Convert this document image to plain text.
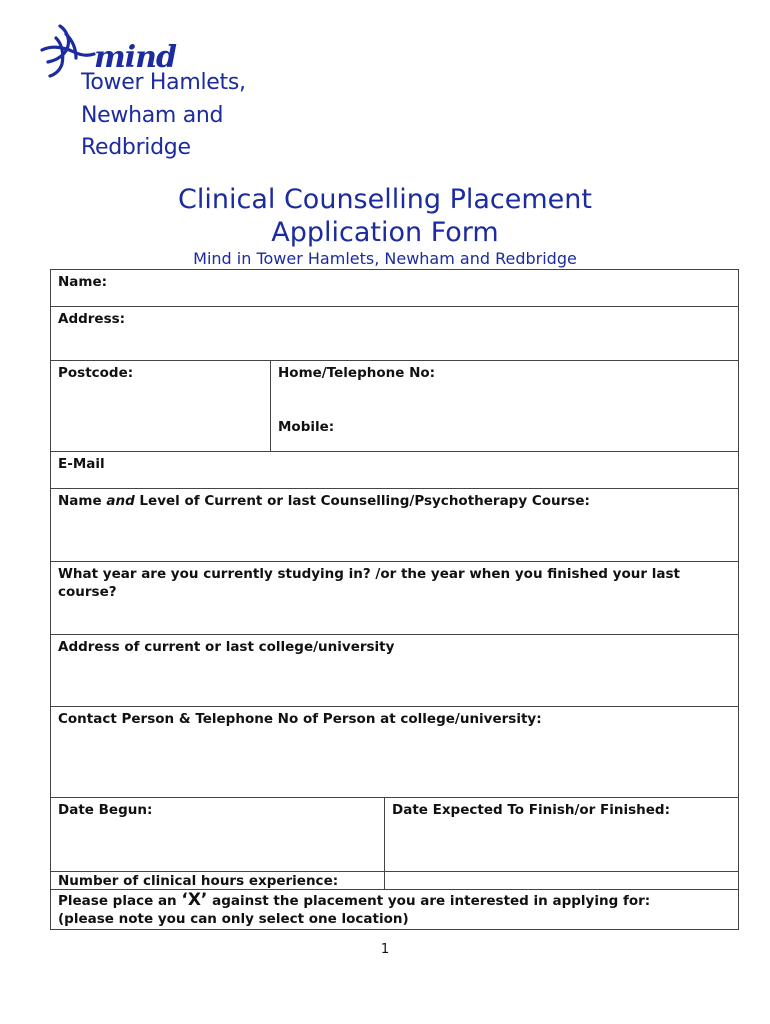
mind
Tower Hamlets,
Newham and
Redbridge
Clinical Counselling Placement
Application Form
Mind in Tower Hamlets, Newham and Redbridge
Name:
Address:
Postcode:	Home/Telephone No:
Mobile:
E-Mail
Name and Level of Current or last Counselling/Psychotherapy Course:
What year are you currently studying in? /or the year when you finished your last course?
Address of current or last college/university
Contact Person & Telephone No of Person at college/university:
Date Begun:	Date Expected To Finish/or Finished:
Number of clinical hours experience:
Please place an ‘X’ against the placement you are interested in applying for:
(please note you can only select one location)
1
